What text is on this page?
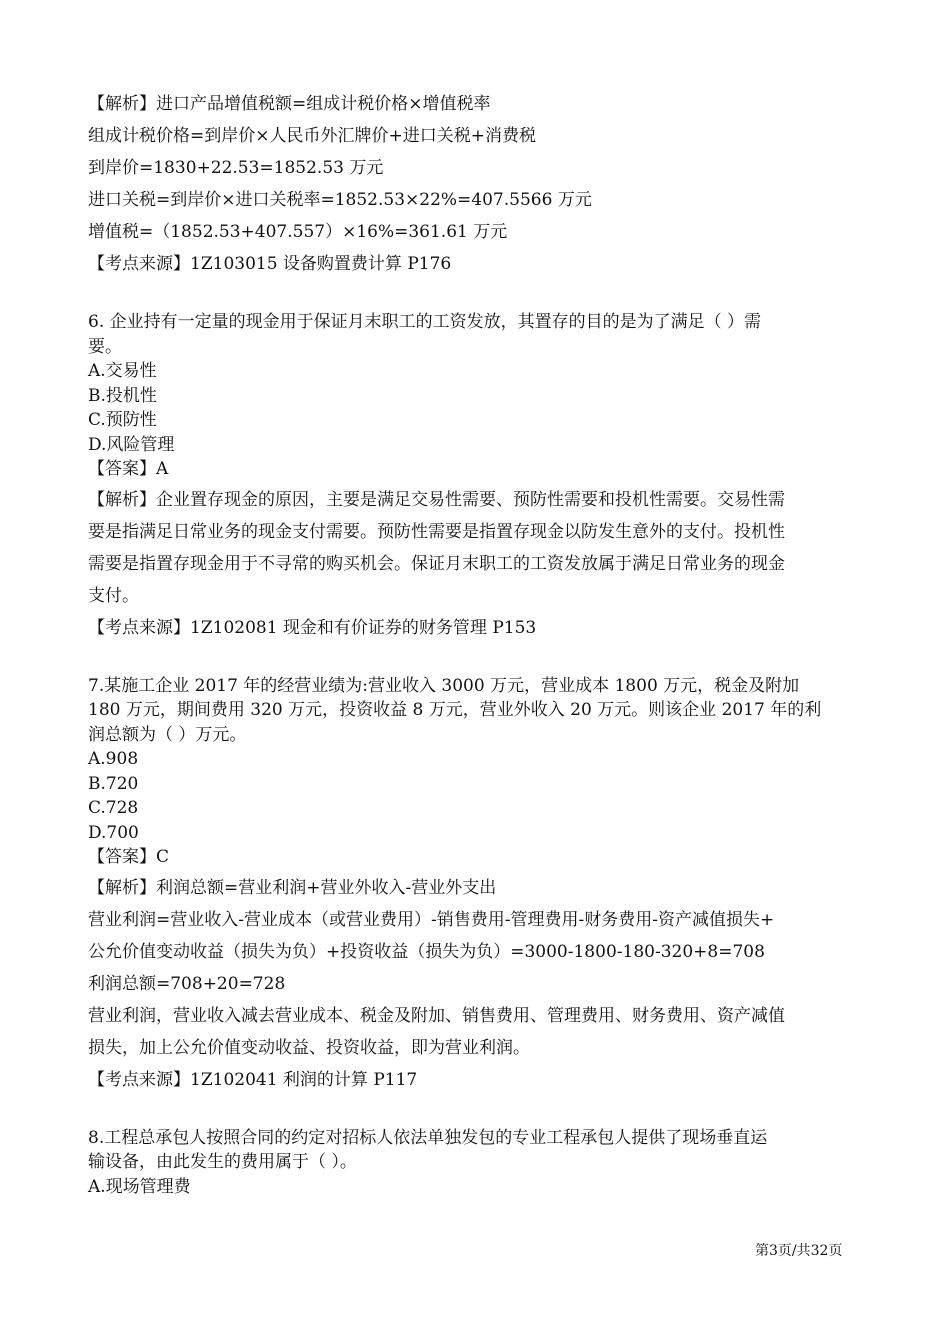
【解析】进口产品增值税额=组成计税价格×增值税率
组成计税价格=到岸价×人民币外汇牌价+进口关税+消费税
到岸价=1830+22.53=1852.53 万元
进口关税=到岸价×进口关税率=1852.53×22%=407.5566 万元
增值税=（1852.53+407.557）×16%=361.61 万元
【考点来源】1Z103015 设备购置费计算 P176
6. 企业持有一定量的现金用于保证月末职工的工资发放，其置存的目的是为了满足（ ）需
要。
A.交易性
B.投机性
C.预防性
D.风险管理
【答案】A
【解析】企业置存现金的原因，主要是满足交易性需要、预防性需要和投机性需要。交易性需
要是指满足日常业务的现金支付需要。预防性需要是指置存现金以防发生意外的支付。投机性
需要是指置存现金用于不寻常的购买机会。保证月末职工的工资发放属于满足日常业务的现金
支付。
【考点来源】1Z102081 现金和有价证券的财务管理 P153
7.某施工企业 2017 年的经营业绩为:营业收入 3000 万元，营业成本 1800 万元，税金及附加
180 万元，期间费用 320 万元，投资收益 8 万元，营业外收入 20 万元。则该企业 2017 年的利
润总额为（ ）万元。
A.908
B.720
C.728
D.700
【答案】C
【解析】利润总额=营业利润+营业外收入-营业外支出
营业利润=营业收入-营业成本（或营业费用）-销售费用-管理费用-财务费用-资产减值损失+
公允价值变动收益（损失为负）+投资收益（损失为负）=3000-1800-180-320+8=708
利润总额=708+20=728
营业利润，营业收入减去营业成本、税金及附加、销售费用、管理费用、财务费用、资产减值
损失，加上公允价值变动收益、投资收益，即为营业利润。
【考点来源】1Z102041 利润的计算 P117
8.工程总承包人按照合同的约定对招标人依法单独发包的专业工程承包人提供了现场垂直运
输设备，由此发生的费用属于（ ）。
A.现场管理费
第3页/共32页
